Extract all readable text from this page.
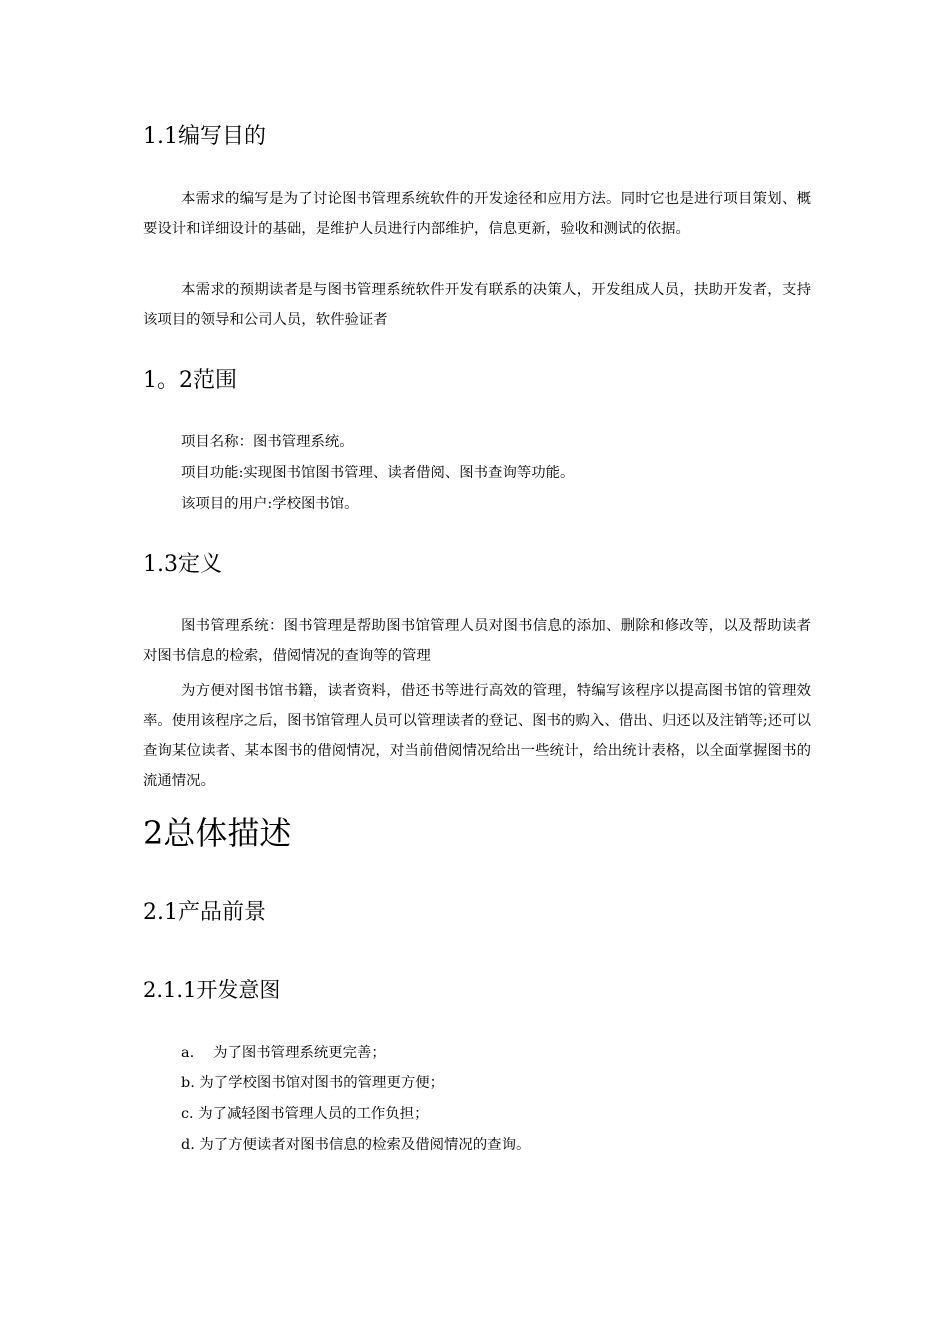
1.1编写目的

本需求的编写是为了讨论图书管理系统软件的开发途径和应用方法。同时它也是进行项目策划、概要设计和详细设计的基础，是维护人员进行内部维护，信息更新，验收和测试的依据。

本需求的预期读者是与图书管理系统软件开发有联系的决策人，开发组成人员，扶助开发者，支持该项目的领导和公司人员，软件验证者

1。2范围
项目名称：图书管理系统。
项目功能:实现图书馆图书管理、读者借阅、图书查询等功能。
该项目的用户:学校图书馆。
1.3定义

图书管理系统：图书管理是帮助图书馆管理人员对图书信息的添加、删除和修改等，以及帮助读者对图书信息的检索，借阅情况的查询等的管理

为方便对图书馆书籍，读者资料，借还书等进行高效的管理，特编写该程序以提高图书馆的管理效率。使用该程序之后，图书馆管理人员可以管理读者的登记、图书的购入、借出、归还以及注销等;还可以查询某位读者、某本图书的借阅情况，对当前借阅情况给出一些统计，给出统计表格，以全面掌握图书的流通情况。

2总体描述
2.1产品前景
2.1.1开发意图
a.　 为了图书管理系统更完善；
b. 为了学校图书馆对图书的管理更方便；
c. 为了减轻图书管理人员的工作负担；
d. 为了方便读者对图书信息的检索及借阅情况的查询。
